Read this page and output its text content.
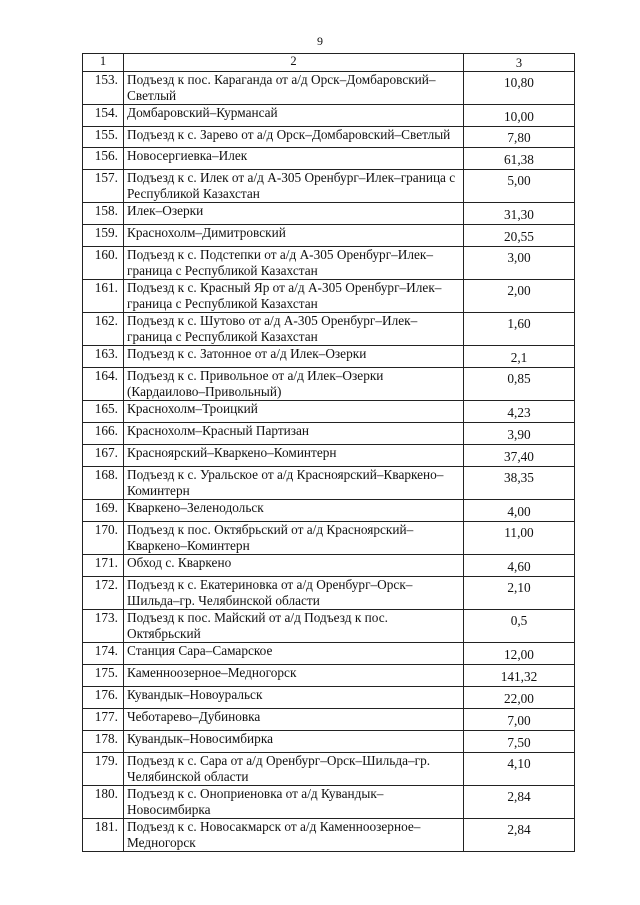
9
1	2	3
153.	Подъезд к пос. Караганда от а/д Орск–Домбаровский–Светлый	10,80
154.	Домбаровский–Курмансай	10,00
155.	Подъезд к с. Зарево от а/д Орск–Домбаровский–Светлый	7,80
156.	Новосергиевка–Илек	61,38
157.	Подъезд к с. Илек от а/д А-305 Оренбург–Илек–граница с Республикой Казахстан	5,00
158.	Илек–Озерки	31,30
159.	Краснохолм–Димитровский	20,55
160.	Подъезд к с. Подстепки от а/д А-305 Оренбург–Илек–граница с Республикой Казахстан	3,00
161.	Подъезд к с. Красный Яр от а/д А-305 Оренбург–Илек–граница с Республикой Казахстан	2,00
162.	Подъезд к с. Шутово от а/д А-305 Оренбург–Илек–граница с Республикой Казахстан	1,60
163.	Подъезд к с. Затонное от а/д Илек–Озерки	2,1
164.	Подъезд к с. Привольное от а/д Илек–Озерки (Кардаилово–Привольный)	0,85
165.	Краснохолм–Троицкий	4,23
166.	Краснохолм–Красный Партизан	3,90
167.	Красноярский–Кваркено–Коминтерн	37,40
168.	Подъезд к с. Уральское от а/д Красноярский–Кваркено–Коминтерн	38,35
169.	Кваркено–Зеленодольск	4,00
170.	Подъезд к пос. Октябрьский от а/д Красноярский–Кваркено–Коминтерн	11,00
171.	Обход с. Кваркено	4,60
172.	Подъезд к с. Екатериновка от а/д Оренбург–Орск–Шильда–гр. Челябинской области	2,10
173.	Подъезд к пос. Майский от а/д Подъезд к пос. Октябрьский	0,5
174.	Станция Сара–Самарское	12,00
175.	Каменноозерное–Медногорск	141,32
176.	Кувандык–Новоуральск	22,00
177.	Чеботарево–Дубиновка	7,00
178.	Кувандык–Новосимбирка	7,50
179.	Подъезд к с. Сара от а/д Оренбург–Орск–Шильда–гр. Челябинской области	4,10
180.	Подъезд к с. Оноприеновка от а/д Кувандык–Новосимбирка	2,84
181.	Подъезд к с. Новосакмарск от а/д Каменноозерное–Медногорск	2,84
